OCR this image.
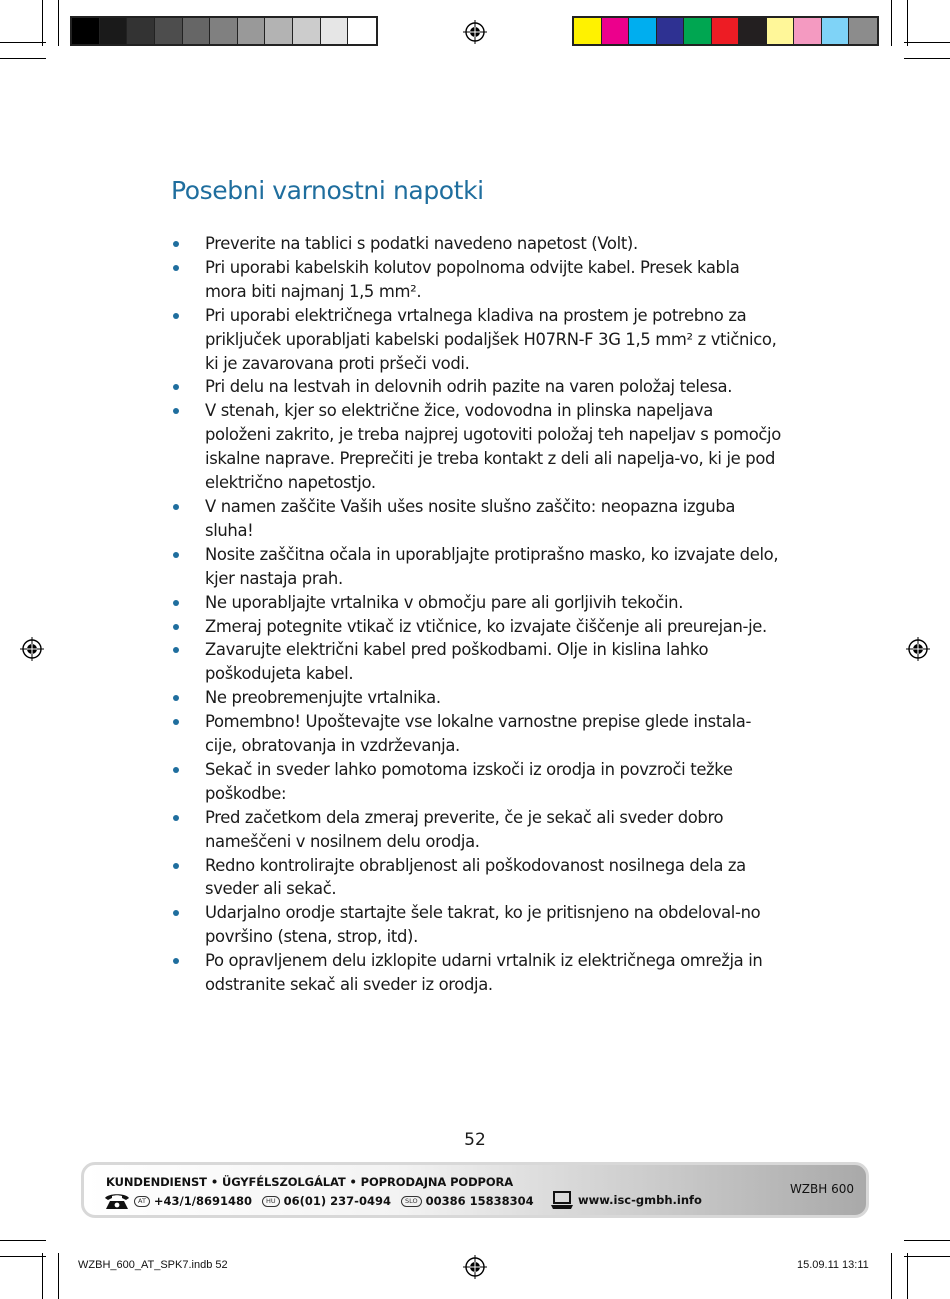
Posebni varnostni napotki
Preverite na tablici s podatki navedeno napetost (Volt).
Pri uporabi kabelskih kolutov popolnoma odvijte kabel. Presek kabla mora biti najmanj 1,5 mm².
Pri uporabi električnega vrtalnega kladiva na prostem je potrebno za priključek uporabljati kabelski podaljšek H07RN-F 3G 1,5 mm² z vtičnico, ki je zavarovana proti pršeči vodi.
Pri delu na lestvah in delovnih odrih pazite na varen položaj telesa.
V stenah, kjer so električne žice, vodovodna in plinska napeljava položeni zakrito, je treba najprej ugotoviti položaj teh napeljav s pomočjo iskalne naprave. Preprečiti je treba kontakt z deli ali napelja-vo, ki je pod električno napetostjo.
V namen zaščite Vaših ušes nosite slušno zaščito: neopazna izguba sluha!
Nosite zaščitna očala in uporabljajte protiprašno masko, ko izvajate delo, kjer nastaja prah.
Ne uporabljajte vrtalnika v območju pare ali gorljivih tekočin.
Zmeraj potegnite vtikač iz vtičnice, ko izvajate čiščenje ali preurejan-je.
Zavarujte električni kabel pred poškodbami. Olje in kislina lahko poškodujeta kabel.
Ne preobremenjujte vrtalnika.
Pomembno! Upoštevajte vse lokalne varnostne prepise glede instala-cije, obratovanja in vzdrževanja.
Sekač in sveder lahko pomotoma izskoči iz orodja in povzroči težke poškodbe:
Pred začetkom dela zmeraj preverite, če je sekač ali sveder dobro nameščeni v nosilnem delu orodja.
Redno kontrolirajte obrabljenost ali poškodovanost nosilnega dela za sveder ali sekač.
Udarjalno orodje startajte šele takrat, ko je pritisnjeno na obdeloval-no površino (stena, strop, itd).
Po opravljenem delu izklopite udarni vrtalnik iz električnega omrežja in odstranite sekač ali sveder iz orodja.
52
KUNDENDIENST • ÜGYFÉLSZOLGÁLAT • POPRODAJNA PODPORA
AT +43/1/8691480	HU 06(01) 237-0494	SLO 00386 15838304	www.isc-gmbh.info
WZBH 600
WZBH_600_AT_SPK7.indb 52	15.09.11 13:11
